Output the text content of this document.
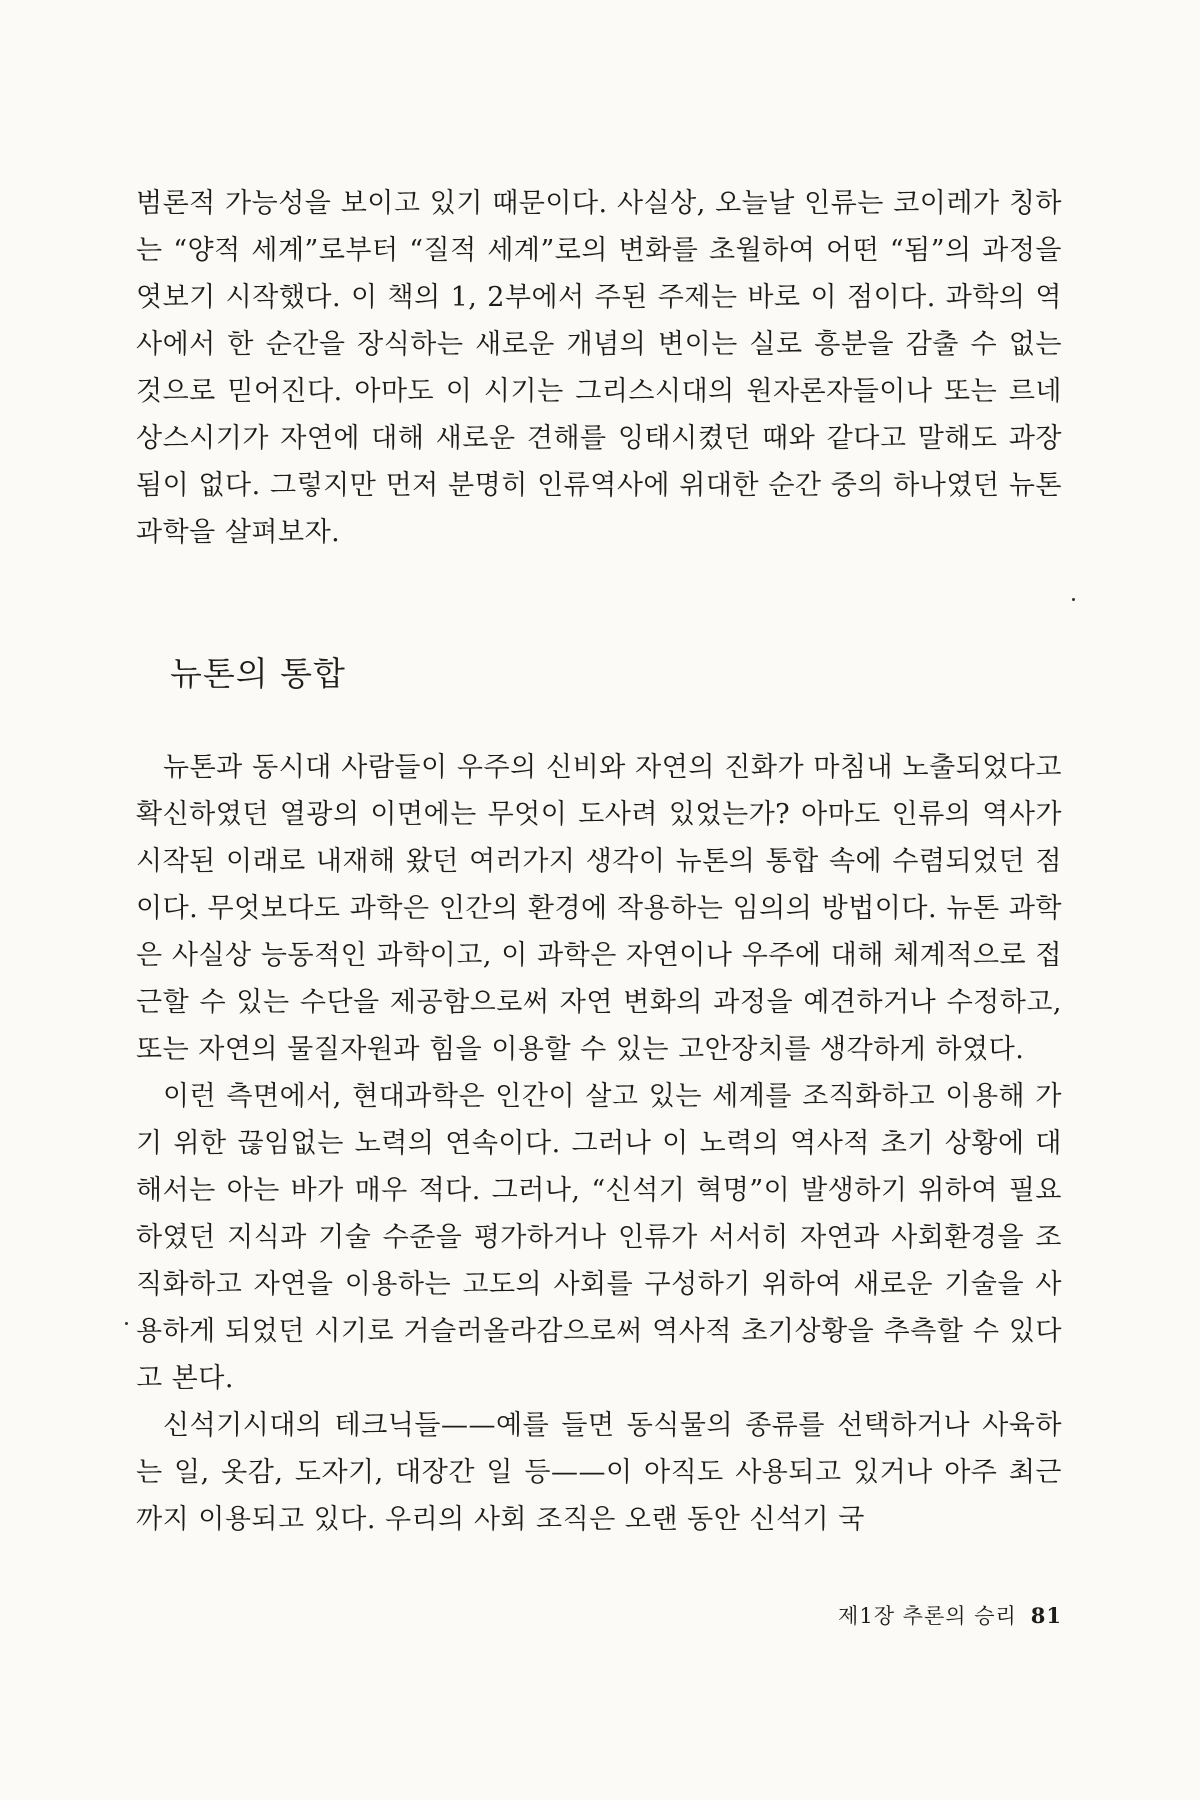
범론적 가능성을 보이고 있기 때문이다. 사실상, 오늘날 인류는 코이레가 칭하는 “양적 세계”로부터 “질적 세계”로의 변화를 초월하여 어떤 “됨”의 과정을 엿보기 시작했다. 이 책의 1, 2부에서 주된 주제는 바로 이 점이다. 과학의 역사에서 한 순간을 장식하는 새로운 개념의 변이는 실로 흥분을 감출 수 없는 것으로 믿어진다. 아마도 이 시기는 그리스시대의 원자론자들이나 또는 르네상스시기가 자연에 대해 새로운 견해를 잉태시켰던 때와 같다고 말해도 과장됨이 없다. 그렇지만 먼저 분명히 인류역사에 위대한 순간 중의 하나였던 뉴톤 과학을 살펴보자.

뉴톤의 통합

뉴톤과 동시대 사람들이 우주의 신비와 자연의 진화가 마침내 노출되었다고 확신하였던 열광의 이면에는 무엇이 도사려 있었는가? 아마도 인류의 역사가 시작된 이래로 내재해 왔던 여러가지 생각이 뉴톤의 통합 속에 수렴되었던 점이다. 무엇보다도 과학은 인간의 환경에 작용하는 임의의 방법이다. 뉴톤 과학은 사실상 능동적인 과학이고, 이 과학은 자연이나 우주에 대해 체계적으로 접근할 수 있는 수단을 제공함으로써 자연 변화의 과정을 예견하거나 수정하고, 또는 자연의 물질자원과 힘을 이용할 수 있는 고안장치를 생각하게 하였다.

이런 측면에서, 현대과학은 인간이 살고 있는 세계를 조직화하고 이용해 가기 위한 끊임없는 노력의 연속이다. 그러나 이 노력의 역사적 초기 상황에 대해서는 아는 바가 매우 적다. 그러나, “신석기 혁명”이 발생하기 위하여 필요하였던 지식과 기술 수준을 평가하거나 인류가 서서히 자연과 사회환경을 조직화하고 자연을 이용하는 고도의 사회를 구성하기 위하여 새로운 기술을 사용하게 되었던 시기로 거슬러올라감으로써 역사적 초기상황을 추측할 수 있다고 본다.

신석기시대의 테크닉들——예를 들면 동식물의 종류를 선택하거나 사육하는 일, 옷감, 도자기, 대장간 일 등——이 아직도 사용되고 있거나 아주 최근까지 이용되고 있다. 우리의 사회 조직은 오랜 동안 신석기 국

제1장 추론의 승리 81
